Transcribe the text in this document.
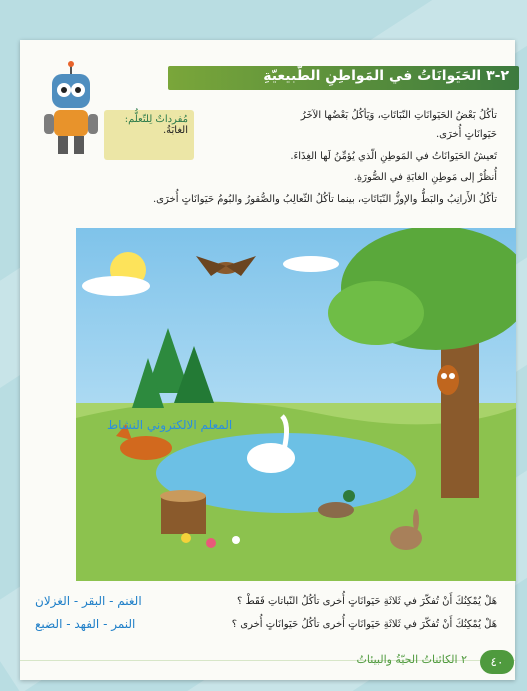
٢-٣ الحَيَوانَاتُ في المَواطِنِ الطّبيعيّةِ
مُفرداتٌ لِلتّعلُّم:
الغابَةُ.
تأكُلُ بَعْضُ الحَيَوانَاتِ النّبَاتَاتِ، وَيَأكُلُ بَعْضُها الآخَرُ
حَيَوانَاتٍ أُخرَى.
تَعيشُ الحَيَوانَاتُ في المَوطِنِ الّذي يُؤمِّنُ لَها الغِذَاءَ.
أُنظُرْ إلى مَوطِنِ الغابَةِ في الصُّورَةِ.
تأكُلُ الأَرانِبُ والبَطُّ والإوزُّ النّبَاتَاتِ، بينما تأكُلُ الثّعالِبُ والصُّقورُ والبُومُ حَيَوانَاتٍ أُخرَى.
المعلم الالكتروني النشاط
هَلْ يُمْكِنُكَ أَنْ تُفكّرَ في ثَلاثَةِ حَيَوانَاتٍ أُخرى تأكُلُ النّباتاتِ فَقَطْ ؟
هَلْ يُمْكِنُكَ أَنْ تُفكّرَ في ثَلاثَةِ حَيَوانَاتٍ أُخرى تأكُلُ حَيَوانَاتٍ أُخرى ؟
الغنم - البقر - الغزلان
النمر - الفهد - الضبع
٤٠
٢ الكائناتُ الحيّةُ والبيئاتُ
